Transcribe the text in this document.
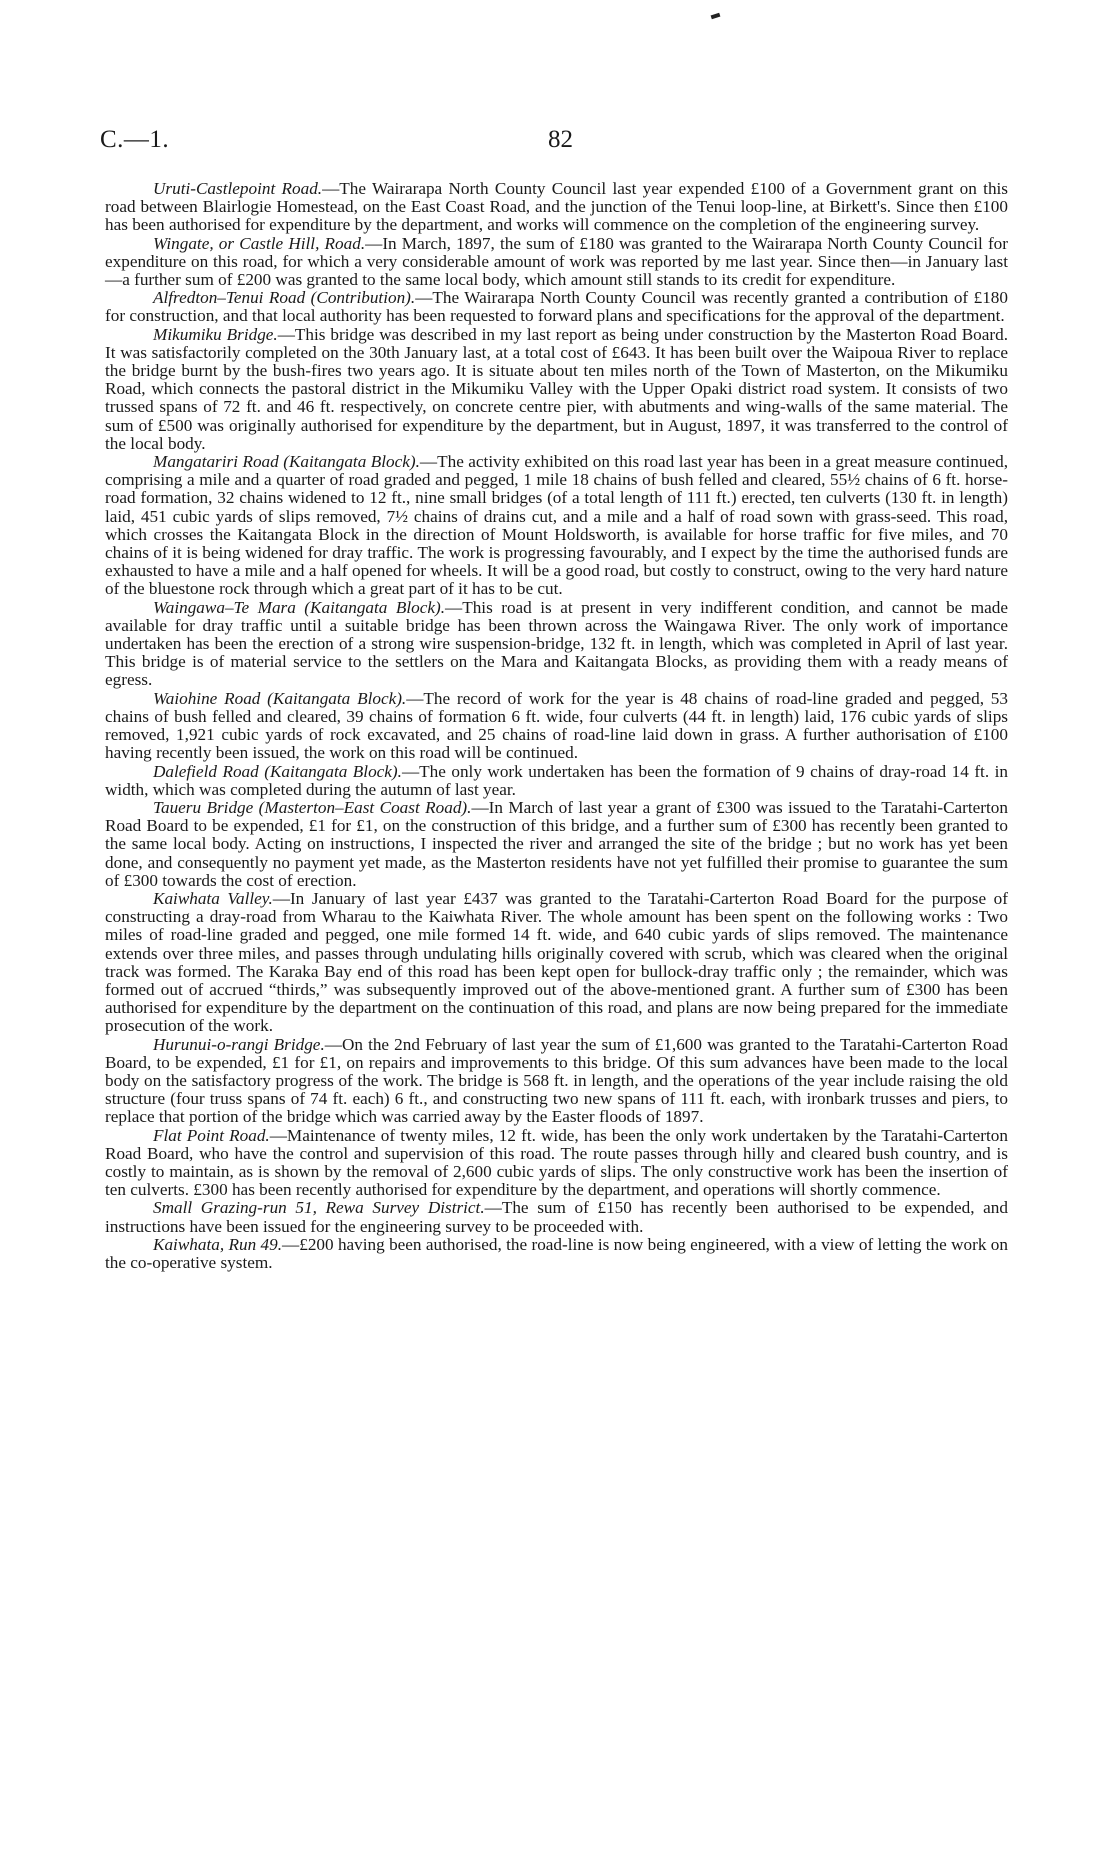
C.—1.	82

Uruti-Castlepoint Road.—The Wairarapa North County Council last year expended £100 of a Government grant on this road between Blairlogie Homestead, on the East Coast Road, and the junction of the Tenui loop-line, at Birkett's. Since then £100 has been authorised for expenditure by the department, and works will commence on the completion of the engineering survey.

Wingate, or Castle Hill, Road.—In March, 1897, the sum of £180 was granted to the Wairarapa North County Council for expenditure on this road, for which a very considerable amount of work was reported by me last year. Since then—in January last—a further sum of £200 was granted to the same local body, which amount still stands to its credit for expenditure.

Alfredton–Tenui Road (Contribution).—The Wairarapa North County Council was recently granted a contribution of £180 for construction, and that local authority has been requested to forward plans and specifications for the approval of the department.

Mikumiku Bridge.—This bridge was described in my last report as being under construction by the Masterton Road Board. It was satisfactorily completed on the 30th January last, at a total cost of £643. It has been built over the Waipoua River to replace the bridge burnt by the bush-fires two years ago. It is situate about ten miles north of the Town of Masterton, on the Mikumiku Road, which connects the pastoral district in the Mikumiku Valley with the Upper Opaki district road system. It consists of two trussed spans of 72 ft. and 46 ft. respectively, on concrete centre pier, with abutments and wing-walls of the same material. The sum of £500 was originally authorised for expenditure by the department, but in August, 1897, it was transferred to the control of the local body.

Mangatariri Road (Kaitangata Block).—The activity exhibited on this road last year has been in a great measure continued, comprising a mile and a quarter of road graded and pegged, 1 mile 18 chains of bush felled and cleared, 55½ chains of 6 ft. horse-road formation, 32 chains widened to 12 ft., nine small bridges (of a total length of 111 ft.) erected, ten culverts (130 ft. in length) laid, 451 cubic yards of slips removed, 7½ chains of drains cut, and a mile and a half of road sown with grass-seed. This road, which crosses the Kaitangata Block in the direction of Mount Holdsworth, is available for horse traffic for five miles, and 70 chains of it is being widened for dray traffic. The work is progressing favourably, and I expect by the time the authorised funds are exhausted to have a mile and a half opened for wheels. It will be a good road, but costly to construct, owing to the very hard nature of the bluestone rock through which a great part of it has to be cut.

Waingawa–Te Mara (Kaitangata Block).—This road is at present in very indifferent condition, and cannot be made available for dray traffic until a suitable bridge has been thrown across the Waingawa River. The only work of importance undertaken has been the erection of a strong wire suspension-bridge, 132 ft. in length, which was completed in April of last year. This bridge is of material service to the settlers on the Mara and Kaitangata Blocks, as providing them with a ready means of egress.

Waiohine Road (Kaitangata Block).—The record of work for the year is 48 chains of road-line graded and pegged, 53 chains of bush felled and cleared, 39 chains of formation 6 ft. wide, four culverts (44 ft. in length) laid, 176 cubic yards of slips removed, 1,921 cubic yards of rock excavated, and 25 chains of road-line laid down in grass. A further authorisation of £100 having recently been issued, the work on this road will be continued.

Dalefield Road (Kaitangata Block).—The only work undertaken has been the formation of 9 chains of dray-road 14 ft. in width, which was completed during the autumn of last year.

Taueru Bridge (Masterton–East Coast Road).—In March of last year a grant of £300 was issued to the Taratahi-Carterton Road Board to be expended, £1 for £1, on the construction of this bridge, and a further sum of £300 has recently been granted to the same local body. Acting on instructions, I inspected the river and arranged the site of the bridge ; but no work has yet been done, and consequently no payment yet made, as the Masterton residents have not yet fulfilled their promise to guarantee the sum of £300 towards the cost of erection.

Kaiwhata Valley.—In January of last year £437 was granted to the Taratahi-Carterton Road Board for the purpose of constructing a dray-road from Wharau to the Kaiwhata River. The whole amount has been spent on the following works : Two miles of road-line graded and pegged, one mile formed 14 ft. wide, and 640 cubic yards of slips removed. The maintenance extends over three miles, and passes through undulating hills originally covered with scrub, which was cleared when the original track was formed. The Karaka Bay end of this road has been kept open for bullock-dray traffic only ; the remainder, which was formed out of accrued “thirds,” was subsequently improved out of the above-mentioned grant. A further sum of £300 has been authorised for expenditure by the department on the continuation of this road, and plans are now being prepared for the immediate prosecution of the work.

Hurunui-o-rangi Bridge.—On the 2nd February of last year the sum of £1,600 was granted to the Taratahi-Carterton Road Board, to be expended, £1 for £1, on repairs and improvements to this bridge. Of this sum advances have been made to the local body on the satisfactory progress of the work. The bridge is 568 ft. in length, and the operations of the year include raising the old structure (four truss spans of 74 ft. each) 6 ft., and constructing two new spans of 111 ft. each, with ironbark trusses and piers, to replace that portion of the bridge which was carried away by the Easter floods of 1897.

Flat Point Road.—Maintenance of twenty miles, 12 ft. wide, has been the only work undertaken by the Taratahi-Carterton Road Board, who have the control and supervision of this road. The route passes through hilly and cleared bush country, and is costly to maintain, as is shown by the removal of 2,600 cubic yards of slips. The only constructive work has been the insertion of ten culverts. £300 has been recently authorised for expenditure by the department, and operations will shortly commence.

Small Grazing-run 51, Rewa Survey District.—The sum of £150 has recently been authorised to be expended, and instructions have been issued for the engineering survey to be proceeded with.

Kaiwhata, Run 49.—£200 having been authorised, the road-line is now being engineered, with a view of letting the work on the co-operative system.
